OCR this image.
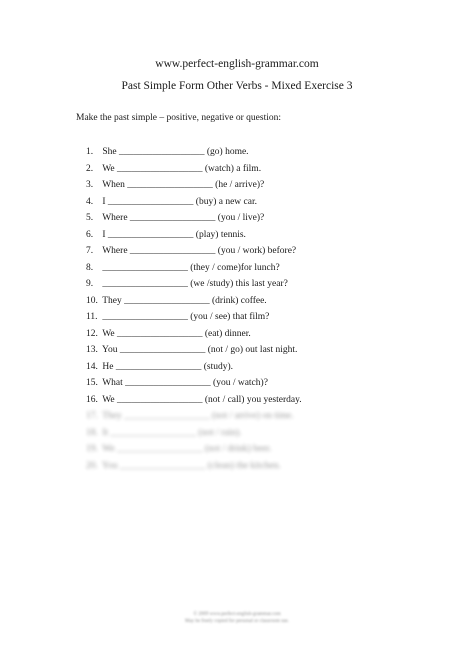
www.perfect-english-grammar.com
Past Simple Form Other Verbs - Mixed Exercise 3
Make the past simple – positive, negative or question:
1. She __________________ (go) home.
2. We __________________ (watch) a film.
3. When __________________ (he / arrive)?
4. I __________________ (buy) a new car.
5. Where __________________ (you / live)?
6. I __________________ (play) tennis.
7. Where __________________ (you / work) before?
8. __________________ (they / come)for lunch?
9. __________________ (we /study) this last year?
10. They __________________ (drink) coffee.
11. __________________ (you / see) that film?
12. We __________________ (eat) dinner.
13. You __________________ (not / go) out last night.
14. He __________________ (study).
15. What __________________ (you / watch)?
16. We __________________ (not / call) you yesterday.
17. They __________________ (not / arrive) on time.
18. It __________________ (not / rain).
19. We __________________ (not / drink) beer.
20. You __________________ (clean) the kitchen.
© 2009 www.perfect-english-grammar.com
May be freely copied for personal or classroom use.
